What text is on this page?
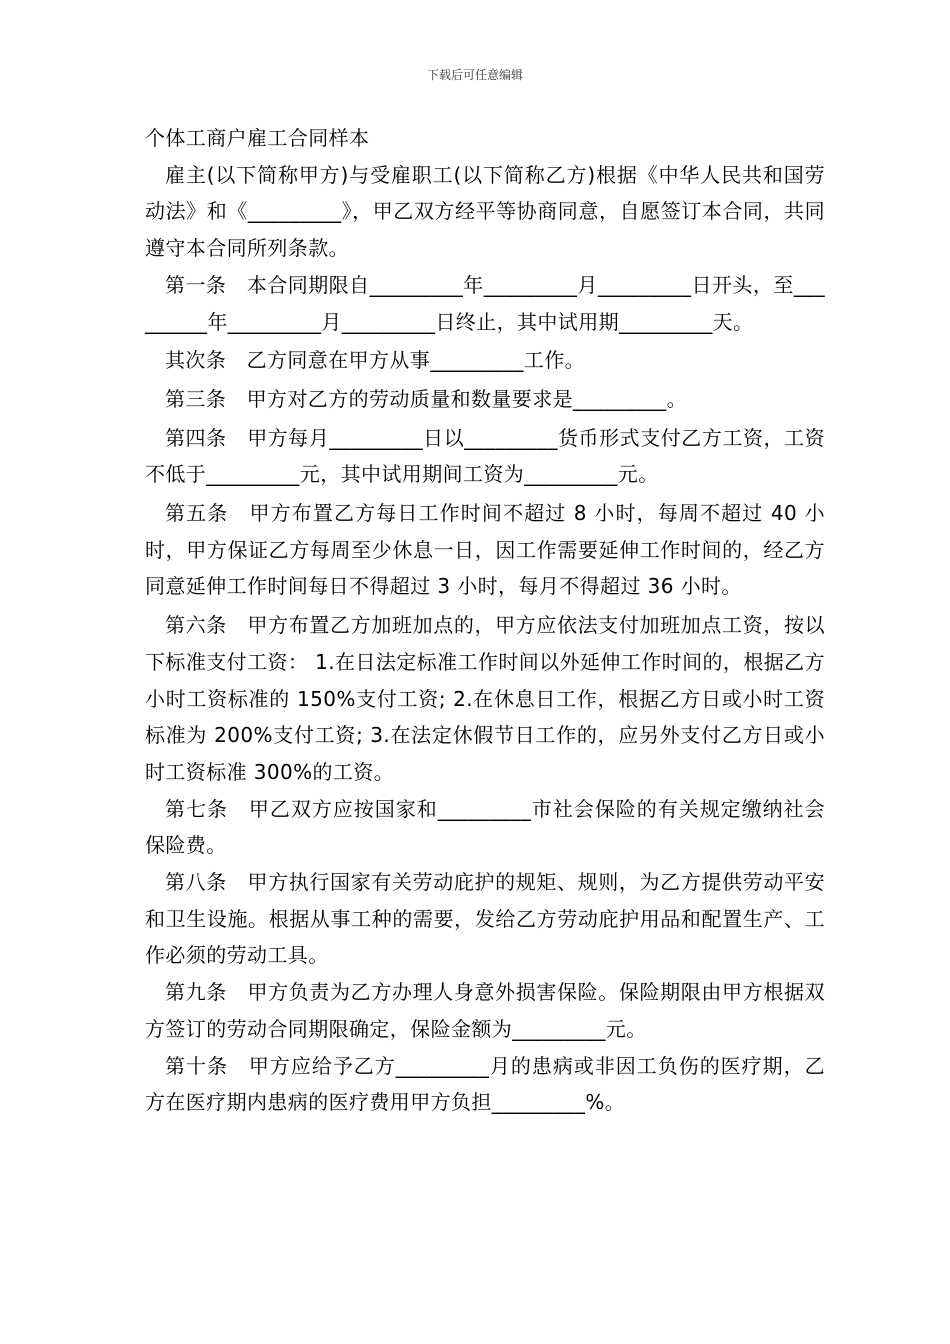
下载后可任意编辑

个体工商户雇工合同样本

雇主(以下简称甲方)与受雇职工(以下简称乙方)根据《中华人民共和国劳动法》和《_________》，甲乙双方经平等协商同意，自愿签订本合同，共同遵守本合同所列条款。

第一条　本合同期限自_________年_________月_________日开头，至_________年_________月_________日终止，其中试用期_________天。

其次条　乙方同意在甲方从事_________工作。

第三条　甲方对乙方的劳动质量和数量要求是_________。

第四条　甲方每月_________日以_________货币形式支付乙方工资，工资不低于_________元，其中试用期间工资为_________元。

第五条　甲方布置乙方每日工作时间不超过 8 小时，每周不超过 40 小时，甲方保证乙方每周至少休息一日，因工作需要延伸工作时间的，经乙方同意延伸工作时间每日不得超过 3 小时，每月不得超过 36 小时。

第六条　甲方布置乙方加班加点的，甲方应依法支付加班加点工资，按以下标准支付工资： 1.在日法定标准工作时间以外延伸工作时间的，根据乙方小时工资标准的 150%支付工资; 2.在休息日工作，根据乙方日或小时工资标准为 200%支付工资; 3.在法定休假节日工作的，应另外支付乙方日或小时工资标准 300%的工资。

第七条　甲乙双方应按国家和_________市社会保险的有关规定缴纳社会保险费。

第八条　甲方执行国家有关劳动庇护的规矩、规则，为乙方提供劳动平安和卫生设施。根据从事工种的需要，发给乙方劳动庇护用品和配置生产、工作必须的劳动工具。

第九条　甲方负责为乙方办理人身意外损害保险。保险期限由甲方根据双方签订的劳动合同期限确定，保险金额为_________元。

第十条　甲方应给予乙方_________月的患病或非因工负伤的医疗期，乙方在医疗期内患病的医疗费用甲方负担_________%。
